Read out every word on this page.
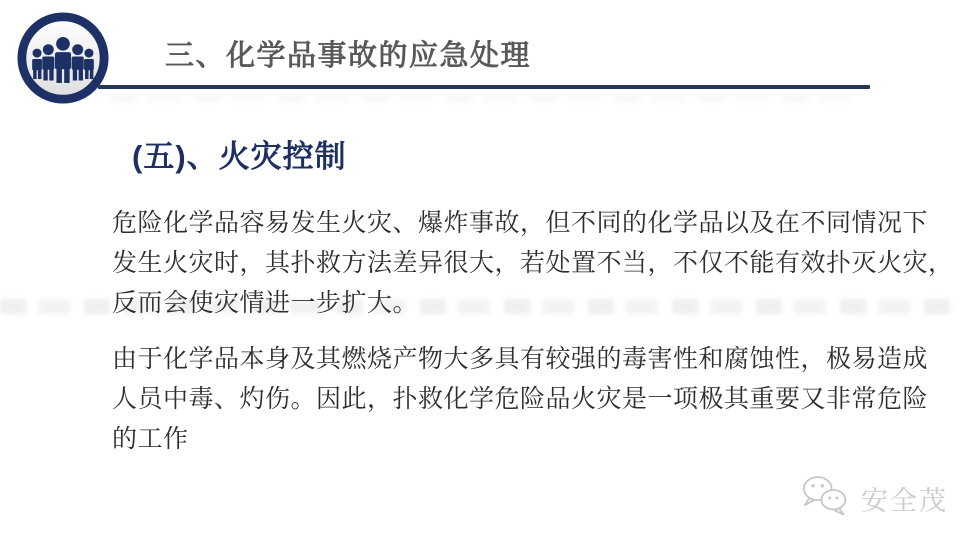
三、化学品事故的应急处理
(五)、火灾控制
危险化学品容易发生火灾、爆炸事故，但不同的化学品以及在不同情况下
发生火灾时，其扑救方法差异很大，若处置不当，不仅不能有效扑灭火灾，
反而会使灾情进一步扩大。
由于化学品本身及其燃烧产物大多具有较强的毒害性和腐蚀性，极易造成
人员中毒、灼伤。因此，扑救化学危险品火灾是一项极其重要又非常危险
的工作
安全茂
